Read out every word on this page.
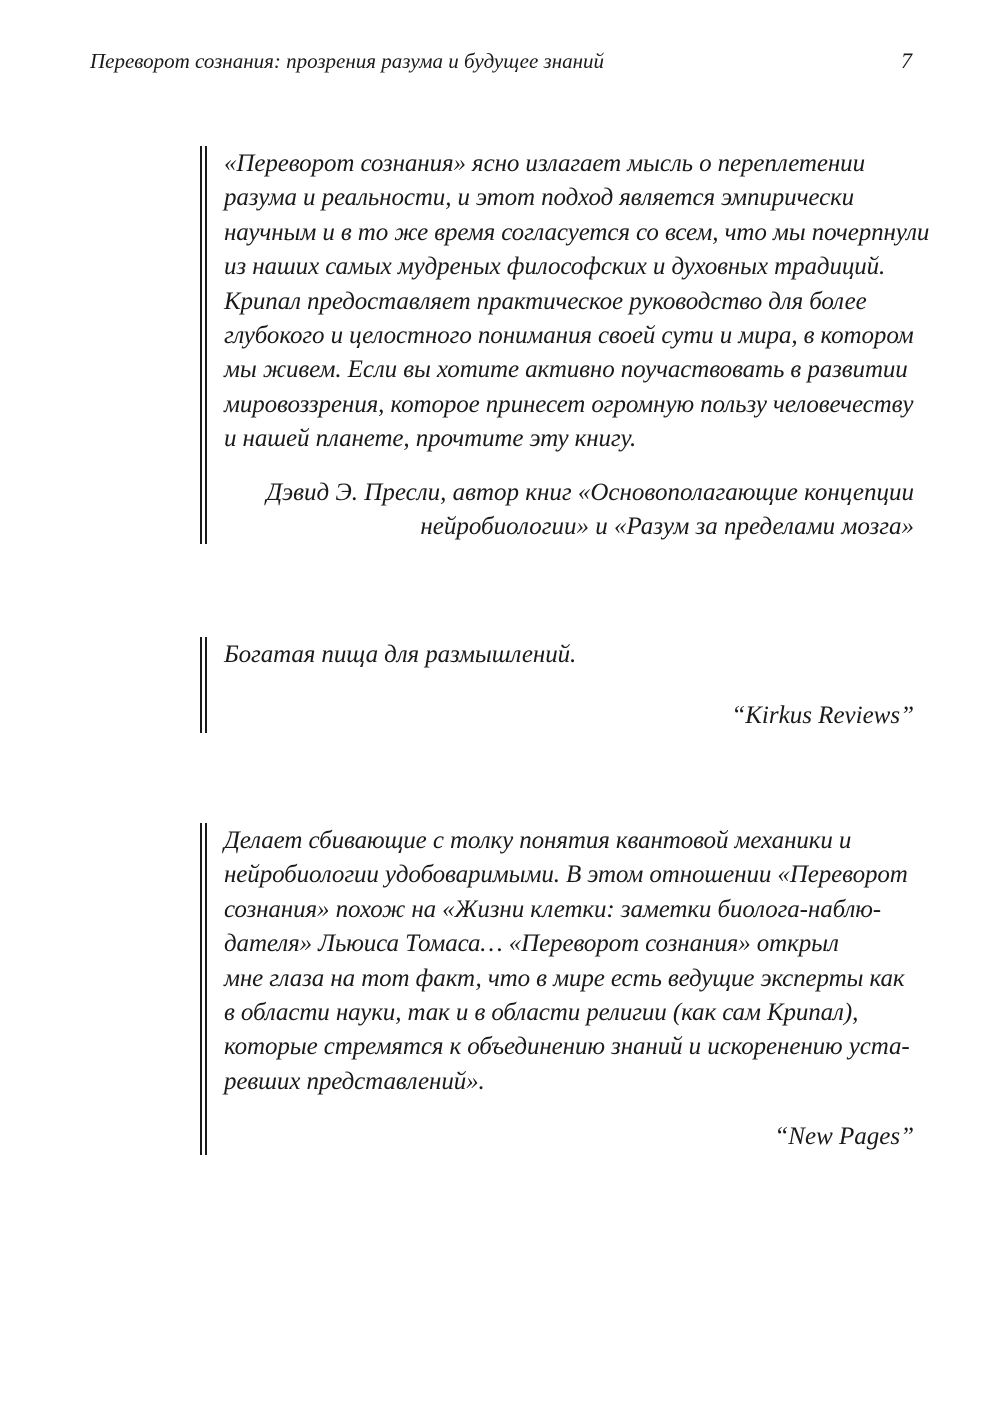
Переворот сознания: прозрения разума и будущее знаний	7
«Переворот сознания» ясно излагает мысль о переплетении
разума и реальности, и этот подход является эмпирически
научным и в то же время согласуется со всем, что мы почерпнули
из наших самых мудреных философских и духовных традиций.
Крипал предоставляет практическое руководство для более
глубокого и целостного понимания своей сути и мира, в котором
мы живем. Если вы хотите активно поучаствовать в развитии
мировоззрения, которое принесет огромную пользу человечеству
и нашей планете, прочтите эту книгу.
Дэвид Э. Пресли, автор книг «Основополагающие концепции
нейробиологии» и «Разум за пределами мозга»
Богатая пища для размышлений.
“Kirkus Reviews”
Делает сбивающие с толку понятия квантовой механики и
нейробиологии удобоваримыми. В этом отношении «Переворот
сознания» похож на «Жизни клетки: заметки биолога-наблю-
дателя» Льюиса Томаса… «Переворот сознания» открыл
мне глаза на тот факт, что в мире есть ведущие эксперты как
в области науки, так и в области религии (как сам Крипал),
которые стремятся к объединению знаний и искоренению уста-
ревших представлений».
“New Pages”
